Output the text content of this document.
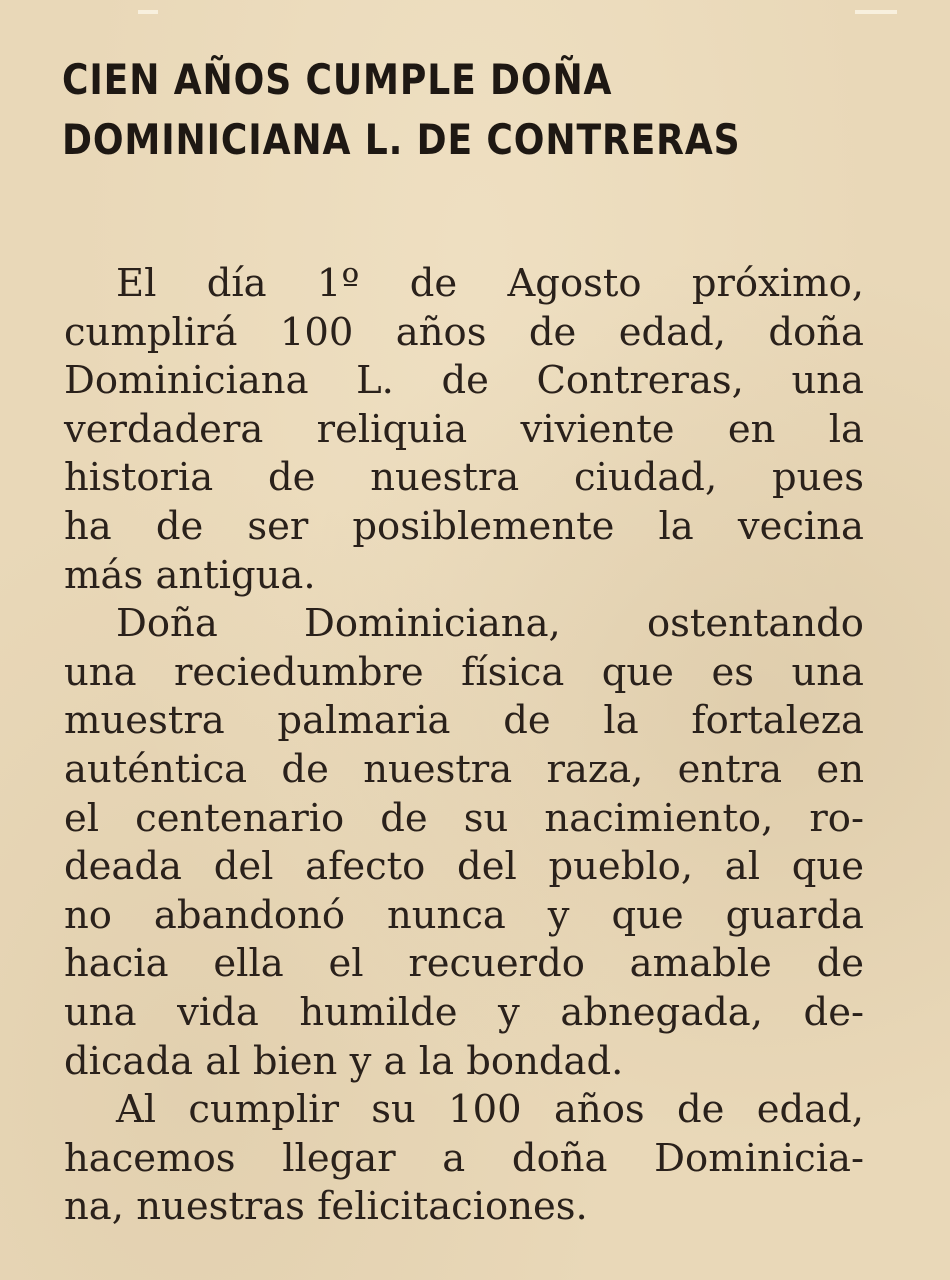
CIEN AÑOS CUMPLE DOÑA
DOMINICIANA L. DE CONTRERAS

El día 1º de Agosto próximo,
cumplirá 100 años de edad, doña
Dominiciana L. de Contreras, una
verdadera reliquia viviente en la
historia de nuestra ciudad, pues
ha de ser posiblemente la vecina
más antigua.

Doña Dominiciana, ostentando
una reciedumbre física que es una
muestra palmaria de la fortaleza
auténtica de nuestra raza, entra en
el centenario de su nacimiento, ro-
deada del afecto del pueblo, al que
no abandonó nunca y que guarda
hacia ella el recuerdo amable de
una vida humilde y abnegada, de-
dicada al bien y a la bondad.

Al cumplir su 100 años de edad,
hacemos llegar a doña Dominicia-
na, nuestras felicitaciones.
